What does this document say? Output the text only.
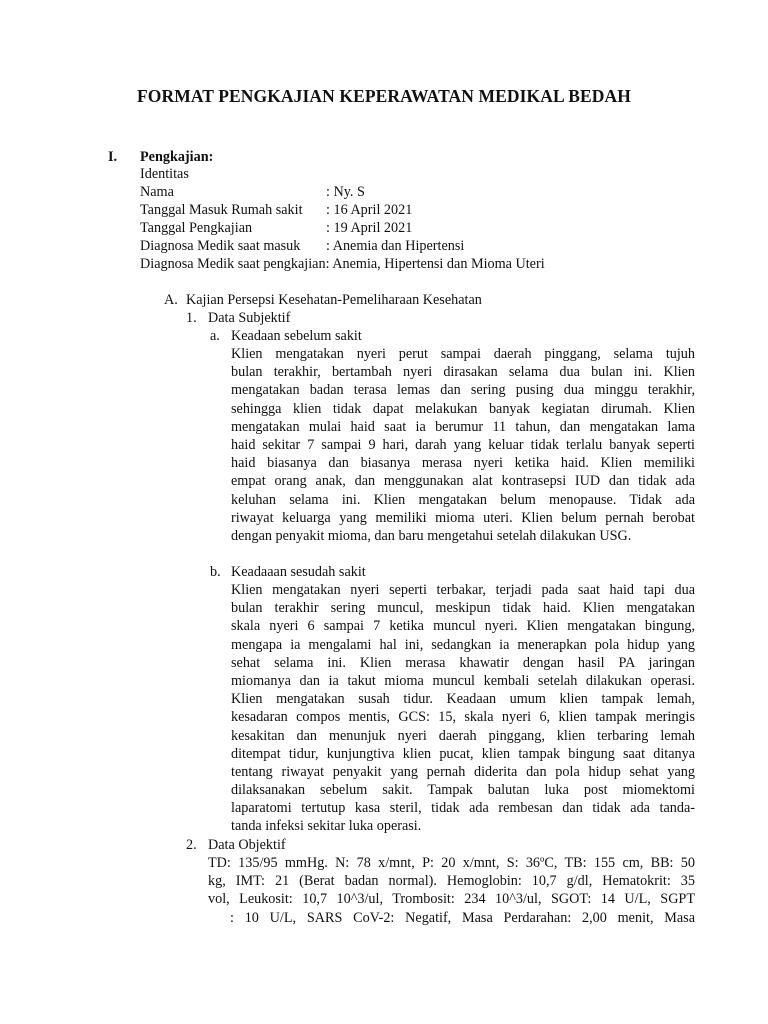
FORMAT PENGKAJIAN KEPERAWATAN MEDIKAL BEDAH
I. Pengkajian:
Identitas
Nama	: Ny. S
Tanggal Masuk Rumah sakit : 16 April 2021
Tanggal Pengkajian	: 19 April 2021
Diagnosa Medik saat masuk : Anemia dan Hipertensi
Diagnosa Medik saat pengkajian: Anemia, Hipertensi dan Mioma Uteri
A. Kajian Persepsi Kesehatan-Pemeliharaan Kesehatan
1. Data Subjektif
a. Keadaan sebelum sakit
Klien mengatakan nyeri perut sampai daerah pinggang, selama tujuh
bulan terakhir, bertambah nyeri dirasakan selama dua bulan ini. Klien
mengatakan badan terasa lemas dan sering pusing dua minggu terakhir,
sehingga klien tidak dapat melakukan banyak kegiatan dirumah. Klien
mengatakan mulai haid saat ia berumur 11 tahun, dan mengatakan lama
haid sekitar 7 sampai 9 hari, darah yang keluar tidak terlalu banyak seperti
haid biasanya dan biasanya merasa nyeri ketika haid. Klien memiliki
empat orang anak, dan menggunakan alat kontrasepsi IUD dan tidak ada
keluhan selama ini. Klien mengatakan belum menopause. Tidak ada
riwayat keluarga yang memiliki mioma uteri. Klien belum pernah berobat
dengan penyakit mioma, dan baru mengetahui setelah dilakukan USG.
b. Keadaaan sesudah sakit
Klien mengatakan nyeri seperti terbakar, terjadi pada saat haid tapi dua
bulan terakhir sering muncul, meskipun tidak haid. Klien mengatakan
skala nyeri 6 sampai 7 ketika muncul nyeri. Klien mengatakan bingung,
mengapa ia mengalami hal ini, sedangkan ia menerapkan pola hidup yang
sehat selama ini. Klien merasa khawatir dengan hasil PA jaringan
miomanya dan ia takut mioma muncul kembali setelah dilakukan operasi.
Klien mengatakan susah tidur. Keadaan umum klien tampak lemah,
kesadaran compos mentis, GCS: 15, skala nyeri 6, klien tampak meringis
kesakitan dan menunjuk nyeri daerah pinggang, klien terbaring lemah
ditempat tidur, kunjungtiva klien pucat, klien tampak bingung saat ditanya
tentang riwayat penyakit yang pernah diderita dan pola hidup sehat yang
dilaksanakan sebelum sakit. Tampak balutan luka post miomektomi
laparatomi tertutup kasa steril, tidak ada rembesan dan tidak ada tanda-
tanda infeksi sekitar luka operasi.
2. Data Objektif
TD: 135/95 mmHg. N: 78 x/mnt, P: 20 x/mnt, S: 36ºC, TB: 155 cm, BB: 50
kg, IMT: 21 (Berat badan normal). Hemoglobin: 10,7 g/dl, Hematokrit: 35
vol, Leukosit: 10,7 10^3/ul, Trombosit: 234 10^3/ul, SGOT: 14 U/L, SGPT
: 10 U/L, SARS CoV-2: Negatif, Masa Perdarahan: 2,00 menit, Masa
